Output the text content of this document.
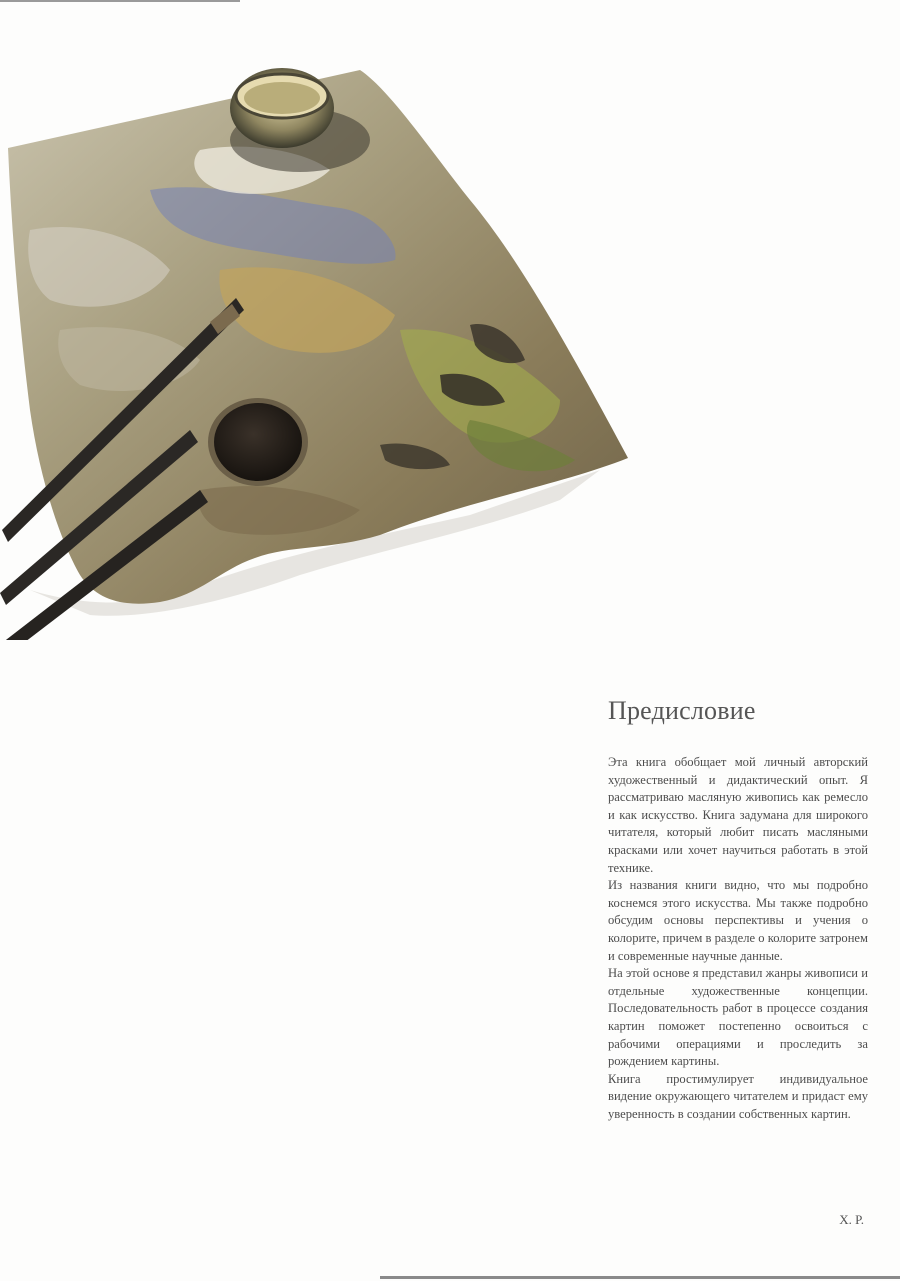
Предисловие

Эта книга обобщает мой личный авторский художественный и дидактический опыт. Я рассматриваю масляную живопись как ремесло и как искусство. Книга задумана для широкого читателя, который любит писать масляными красками или хочет научиться работать в этой технике.

Из названия книги видно, что мы подробно коснемся этого искусства. Мы также подробно обсудим основы перспективы и учения о колорите, причем в разделе о колорите затронем и современные научные данные.

На этой основе я представил жанры живописи и отдельные художественные концепции. Последовательность работ в процессе создания картин поможет постепенно освоиться с рабочими операциями и проследить за рождением картины.

Книга простимулирует индивидуальное видение окружающего читателем и придаст ему уверенность в создании собственных картин.

Х. Р.
